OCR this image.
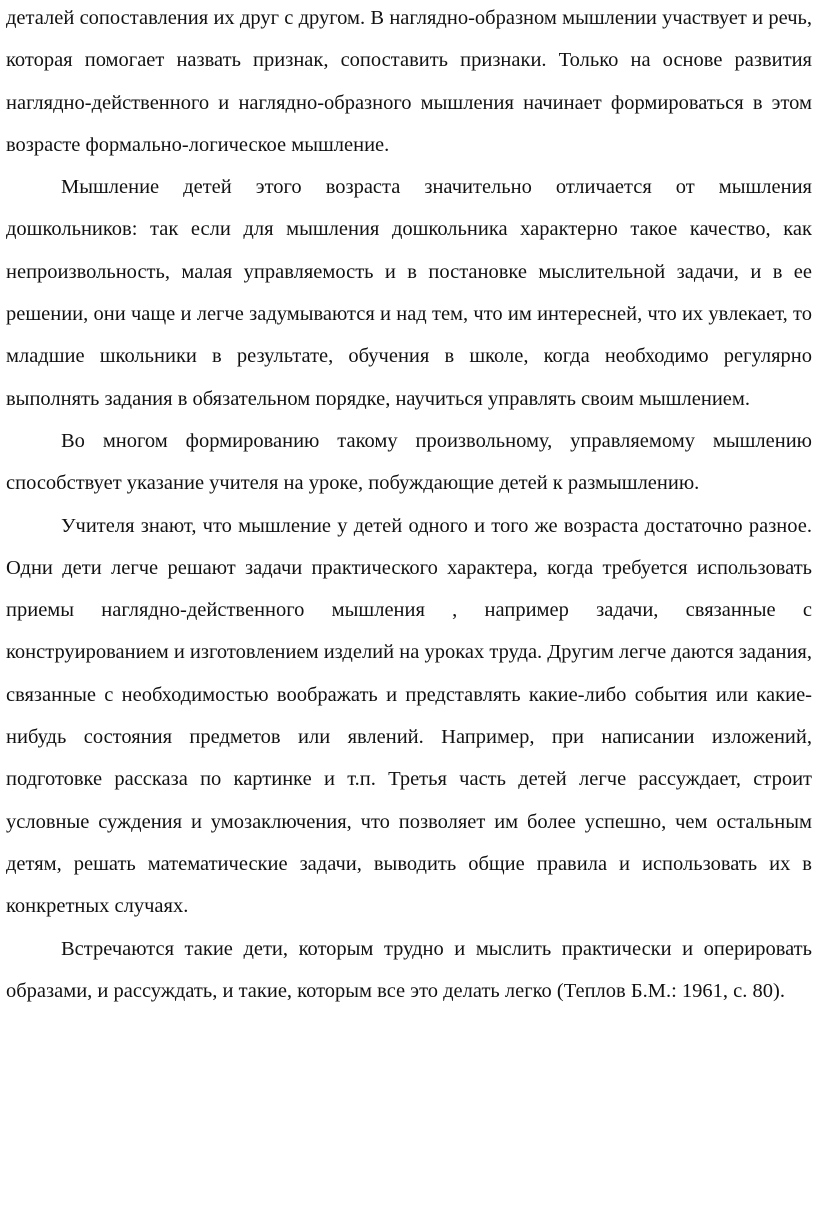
деталей сопоставления их друг с другом. В наглядно-образном мышлении участвует и речь, которая помогает назвать признак, сопоставить признаки. Только на основе развития наглядно-действенного и наглядно-образного мышления начинает формироваться в этом возрасте формально-логическое мышление.

Мышление детей этого возраста значительно отличается от мышления дошкольников: так если для мышления дошкольника характерно такое качество, как непроизвольность, малая управляемость и в постановке мыслительной задачи, и в ее решении, они чаще и легче задумываются и над тем, что им интересней, что их увлекает, то младшие школьники в результате, обучения в школе, когда необходимо регулярно выполнять задания в обязательном порядке, научиться управлять своим мышлением.

Во многом формированию такому произвольному, управляемому мышлению способствует указание учителя на уроке, побуждающие детей к размышлению.

Учителя знают, что мышление у детей одного и того же возраста достаточно разное. Одни дети легче решают задачи практического характера, когда требуется использовать приемы наглядно-действенного мышления , например задачи, связанные с конструированием и изготовлением изделий на уроках труда. Другим легче даются задания, связанные с необходимостью воображать и представлять какие-либо события или какие-нибудь состояния предметов или явлений. Например, при написании изложений, подготовке рассказа по картинке и т.п. Третья часть детей легче рассуждает, строит условные суждения и умозаключения, что позволяет им более успешно, чем остальным детям, решать математические задачи, выводить общие правила и использовать их в конкретных случаях.

Встречаются такие дети, которым трудно и мыслить практически и оперировать образами, и рассуждать, и такие, которым все это делать легко (Теплов Б.М.: 1961, с. 80).
